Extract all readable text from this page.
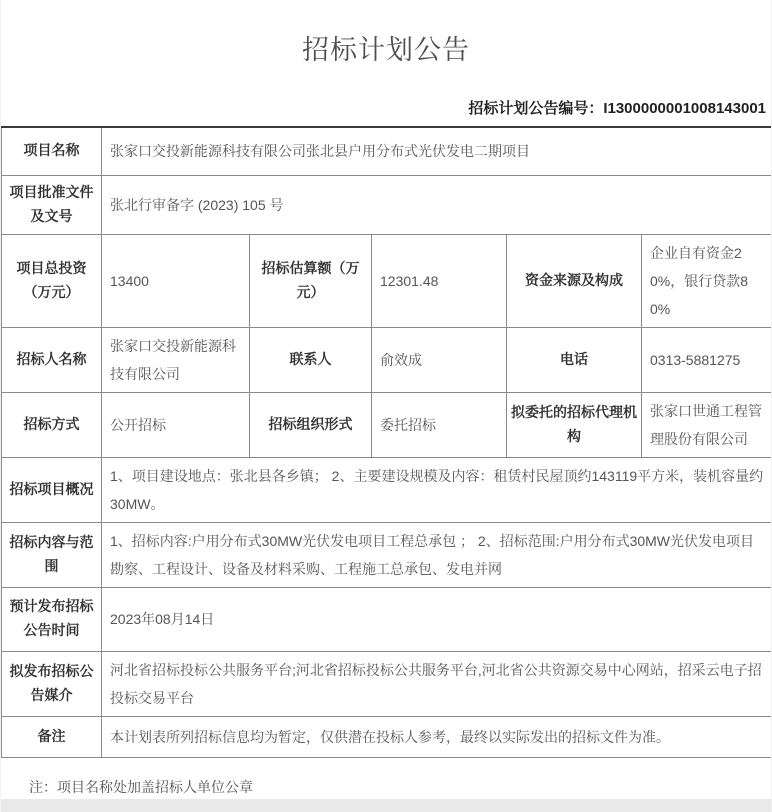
招标计划公告
招标计划公告编号：I1300000001008143001
项目名称	张家口交投新能源科技有限公司张北县户用分布式光伏发电二期项目				
项目批准文件及文号	张北行审备字 (2023) 105 号				
项目总投资（万元）	13400	招标估算额（万元）	12301.48	资金来源及构成	企业自有资金20%，银行贷款80%
招标人名称	张家口交投新能源科技有限公司	联系人	俞效成	电话	0313-5881275
招标方式	公开招标	招标组织形式	委托招标	拟委托的招标代理机构	张家口世通工程管理股份有限公司
招标项目概况	1、项目建设地点：张北县各乡镇； 2、主要建设规模及内容：租赁村民屋顶约143119平方米，装机容量约30MW。				
招标内容与范围	1、招标内容:户用分布式30MW光伏发电项目工程总承包 ； 2、招标范围:户用分布式30MW光伏发电项目勘察、工程设计、设备及材料采购、工程施工总承包、发电并网				
预计发布招标公告时间	2023年08月14日				
拟发布招标公告媒介	河北省招标投标公共服务平台;河北省招标投标公共服务平台,河北省公共资源交易中心网站，招采云电子招投标交易平台				
备注	本计划表所列招标信息均为暂定，仅供潜在投标人参考，最终以实际发出的招标文件为准。				
注：项目名称处加盖招标人单位公章
